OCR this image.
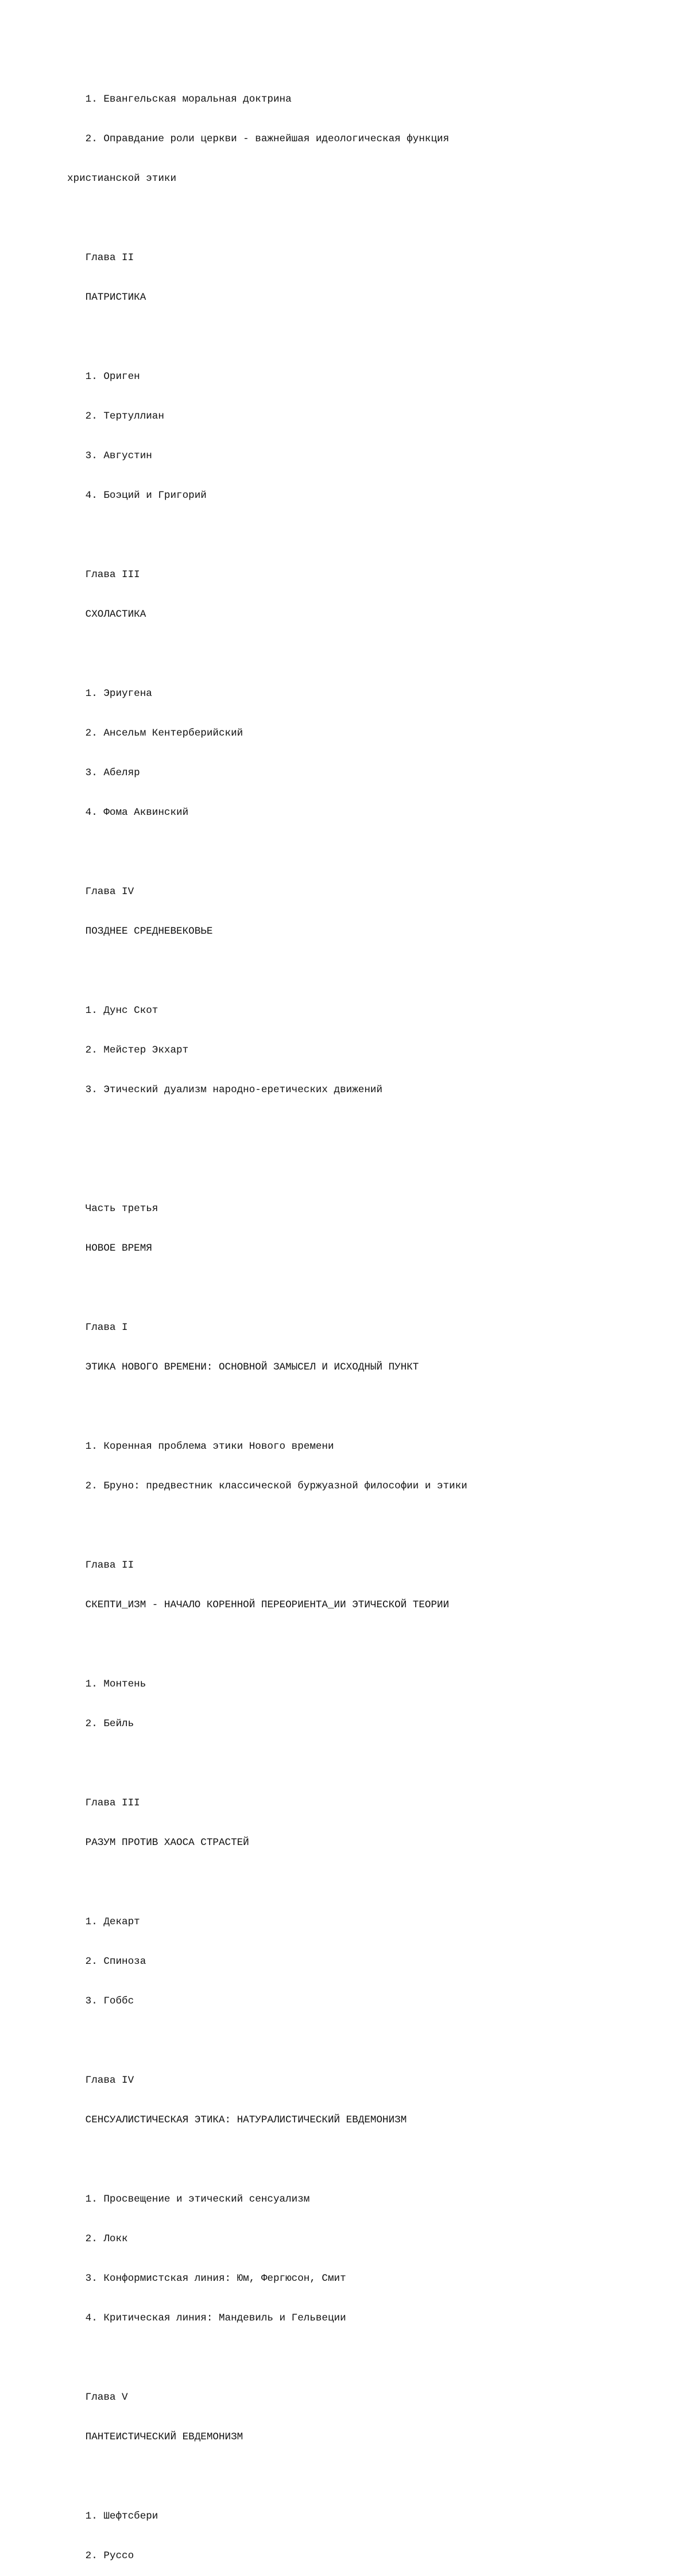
1. Евангельская моральная доктрина

2. Оправдание роли церкви - важнейшая идеологическая функция

христианской этики

Глава II

ПАТРИСТИКА

1. Ориген

2. Тертуллиан

3. Августин

4. Боэций и Григорий

Глава III

СХОЛАСТИКА

1. Эриугена

2. Ансельм Кентерберийский

3. Абеляр

4. Фома Аквинский

Глава IV

ПОЗДНЕЕ СРЕДНЕВЕКОВЬЕ

1. Дунс Скот

2. Мейстер Экхарт

3. Этический дуализм народно-еретических движений

Часть третья

НОВОЕ ВРЕМЯ

Глава I

ЭТИКА НОВОГО ВРЕМЕНИ: ОСНОВНОЙ ЗАМЫСЕЛ И ИСХОДНЫЙ ПУНКТ

1. Коренная проблема этики Нового времени

2. Бруно: предвестник классической буржуазной философии и этики

Глава II

СКЕПТИ_ИЗМ - НАЧАЛО КОРЕННОЙ ПЕРЕОРИЕНТА_ИИ ЭТИЧЕСКОЙ ТЕОРИИ

1. Монтень

2. Бейль

Глава III

РАЗУМ ПРОТИВ ХАОСА СТРАСТЕЙ

1. Декарт

2. Спиноза

3. Гоббс

Глава IV

СЕНСУАЛИСТИЧЕСКАЯ ЭТИКА: НАТУРАЛИСТИЧЕСКИЙ ЕВДЕМОНИЗМ

1. Просвещение и этический сенсуализм

2. Локк

3. Конформистская линия: Юм, Фергюсон, Смит

4. Критическая линия: Мандевиль и Гельвеции

Глава V

ПАНТЕИСТИЧЕСКИЙ ЕВДЕМОНИЗМ

1. Шефтсбери

2. Руссо
